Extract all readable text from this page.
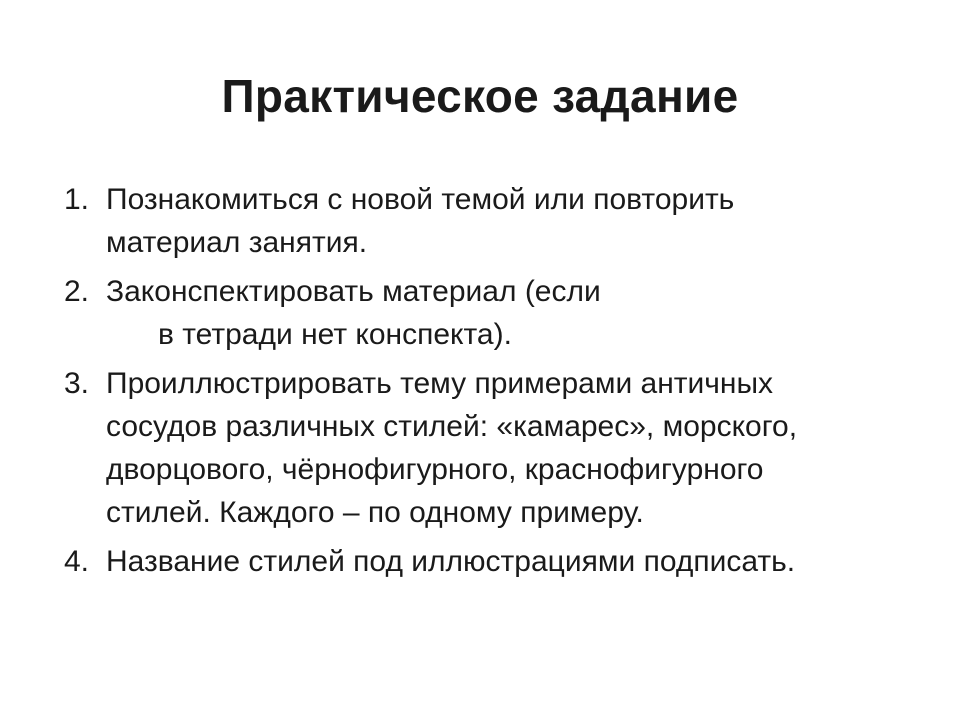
Практическое задание
1. Познакомиться с новой темой или повторить
материал занятия.
2. Законспектировать материал (если
в тетради нет конспекта).
3. Проиллюстрировать тему примерами античных
сосудов различных стилей: «камарес», морского,
дворцового, чёрнофигурного, краснофигурного
стилей. Каждого – по одному примеру.
4. Название стилей под иллюстрациями подписать.
